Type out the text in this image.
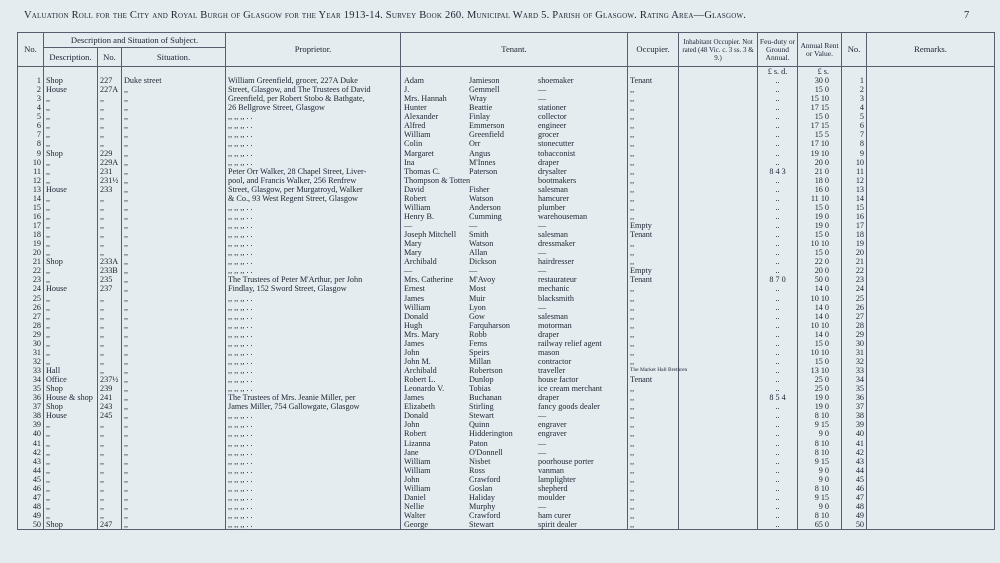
Valuation Roll for the City and Royal Burgh of Glasgow for the Year 1913-14. Survey Book 260. Municipal Ward 5. Parish of Glasgow. Rating Area—Glasgow.	7
No.	Description and Situation of Subject.			Proprietor.	Tenant.	Occupier.	Inhabitant Occupier. Not rated (48 Vic. c. 3 ss. 3 & 9.)	Feu-duty or Ground Annual.	Annual Rent or Value.	No.	Remarks.
	Description.	No.	Situation.								
								£ s. d.	£ s.		
1	Shop	227	Duke street	William Greenfield, grocer, 227A Duke	Adam Jamieson shoemaker	Tenant		..	30 0	1	
2	House	227A	,,	Street, Glasgow, and The Trustees of David	J. Gemmell —	,,		..	15 0	2	
3	,,	,,	,,	Greenfield, per Robert Stobo & Bathgate,	Mrs. Hannah Wray —	,,		..	15 10	3	
4	,,	,,	,,	26 Bellgrove Street, Glasgow	Hunter Beattie stationer	,,		..	17 15	4	
5	,,	,,	,,	,, ,, ,, . .	Alexander Finlay collector	,,		..	15 0	5	
6	,,	,,	,,	,, ,, ,, . .	Alfred Emmerson engineer	,,		..	17 15	6	
7	,,	,,	,,	,, ,, ,, . .	William Greenfield grocer	,,		..	15 5	7	
8	,,	,,	,,	,, ,, ,, . .	Colin Orr stonecutter	,,		..	17 10	8	
9	Shop	229	,,	,, ,, ,, . .	Margaret Angus tobacconist	,,		..	19 10	9	
10	,,	229A	,,	,, ,, ,, . .	Ina M'Innes draper	,,		..	20 0	10	
11	,,	231	,,	Peter Orr Walker, 28 Chapel Street, Liver-	Thomas C. Paterson drysalter	,,		8 4 3	21 0	11	
12	,,	231½	,,	pool, and Francis Walker, 256 Renfrew	Thompson & Totten bootmakers	,,		..	18 0	12	
13	House	233	,,	Street, Glasgow, per Murgatroyd, Walker	David Fisher salesman	,,		..	16 0	13	
14	,,	,,	,,	& Co., 93 West Regent Street, Glasgow	Robert Watson hamcurer	,,		..	11 10	14	
15	,,	,,	,,	,, ,, ,, . .	William Anderson plumber	,,		..	15 0	15	
16	,,	,,	,,	,, ,, ,, . .	Henry B. Cumming warehouseman	,,		..	19 0	16	
17	,,	,,	,,	,, ,, ,, . .	— — —	Empty		..	19 0	17	
18	,,	,,	,,	,, ,, ,, . .	Joseph Mitchell Smith salesman	Tenant		..	15 0	18	
19	,,	,,	,,	,, ,, ,, . .	Mary Watson dressmaker	,,		..	10 10	19	
20	,,	,,	,,	,, ,, ,, . .	Mary Allan —	,,		..	15 0	20	
21	Shop	233A	,,	,, ,, ,, . .	Archibald Dickson hairdresser	,,		..	22 0	21	
22	,,	233B	,,	,, ,, ,, . .	— — —	Empty		..	20 0	22	
23	,,	235	,,	The Trustees of Peter M'Arthur, per John	Mrs. Catherine M'Avoy restaurateur	Tenant		8 7 0	50 0	23	
24	House	237	,,	Findlay, 152 Sword Street, Glasgow	Ernest Most mechanic	,,		..	14 0	24	
25	,,	,,	,,	,, ,, ,, . .	James Muir blacksmith	,,		..	10 10	25	
26	,,	,,	,,	,, ,, ,, . .	William Lyon —	,,		..	14 0	26	
27	,,	,,	,,	,, ,, ,, . .	Donald Gow salesman	,,		..	14 0	27	
28	,,	,,	,,	,, ,, ,, . .	Hugh Farquharson motorman	,,		..	10 10	28	
29	,,	,,	,,	,, ,, ,, . .	Mrs. Mary Robb draper	,,		..	14 0	29	
30	,,	,,	,,	,, ,, ,, . .	James Ferns railway relief agent	,,		..	15 0	30	
31	,,	,,	,,	,, ,, ,, . .	John Speirs mason	,,		..	10 10	31	
32	,,	,,	,,	,, ,, ,, . .	John M. Millan contractor	,,		..	15 0	32	
33	Hall	,,	,,	,, ,, ,, . .	Archibald Robertson traveller	The Market Hall Brethren		..	13 10	33	
34	Office	237½	,,	,, ,, ,, . .	Robert L. Dunlop house factor	Tenant		..	25 0	34	
35	Shop	239	,,	,, ,, ,, . .	Leonardo V. Tobias ice cream merchant	,,		..	25 0	35	
36	House & shop	241	,,	The Trustees of Mrs. Jeanie Miller, per	James Buchanan draper	,,		8 5 4	19 0	36	
37	Shop	243	,,	James Miller, 754 Gallowgate, Glasgow	Elizabeth Stirling fancy goods dealer	,,		..	19 0	37	
38	House	245	,,	,, ,, ,, . .	Donald Stewart —	,,		..	8 10	38	
39	,,	,,	,,	,, ,, ,, . .	John Quinn engraver	,,		..	9 15	39	
40	,,	,,	,,	,, ,, ,, . .	Robert Hidderington engraver	,,		..	9 0	40	
41	,,	,,	,,	,, ,, ,, . .	Lizanna Paton —	,,		..	8 10	41	
42	,,	,,	,,	,, ,, ,, . .	Jane O'Donnell —	,,		..	8 10	42	
43	,,	,,	,,	,, ,, ,, . .	William Nisbet poorhouse porter	,,		..	9 15	43	
44	,,	,,	,,	,, ,, ,, . .	William Ross vanman	,,		..	9 0	44	
45	,,	,,	,,	,, ,, ,, . .	John Crawford lamplighter	,,		..	9 0	45	
46	,,	,,	,,	,, ,, ,, . .	William Goslan shepherd	,,		..	8 10	46	
47	,,	,,	,,	,, ,, ,, . .	Daniel Haliday moulder	,,		..	9 15	47	
48	,,	,,	,,	,, ,, ,, . .	Nellie Murphy —	,,		..	9 0	48	
49	,,	,,	,,	,, ,, ,, . .	Walter Crawford ham curer	,,		..	8 10	49	
50	Shop	247	,,	,, ,, ,, . .	George Stewart spirit dealer	,,		..	65 0	50	
